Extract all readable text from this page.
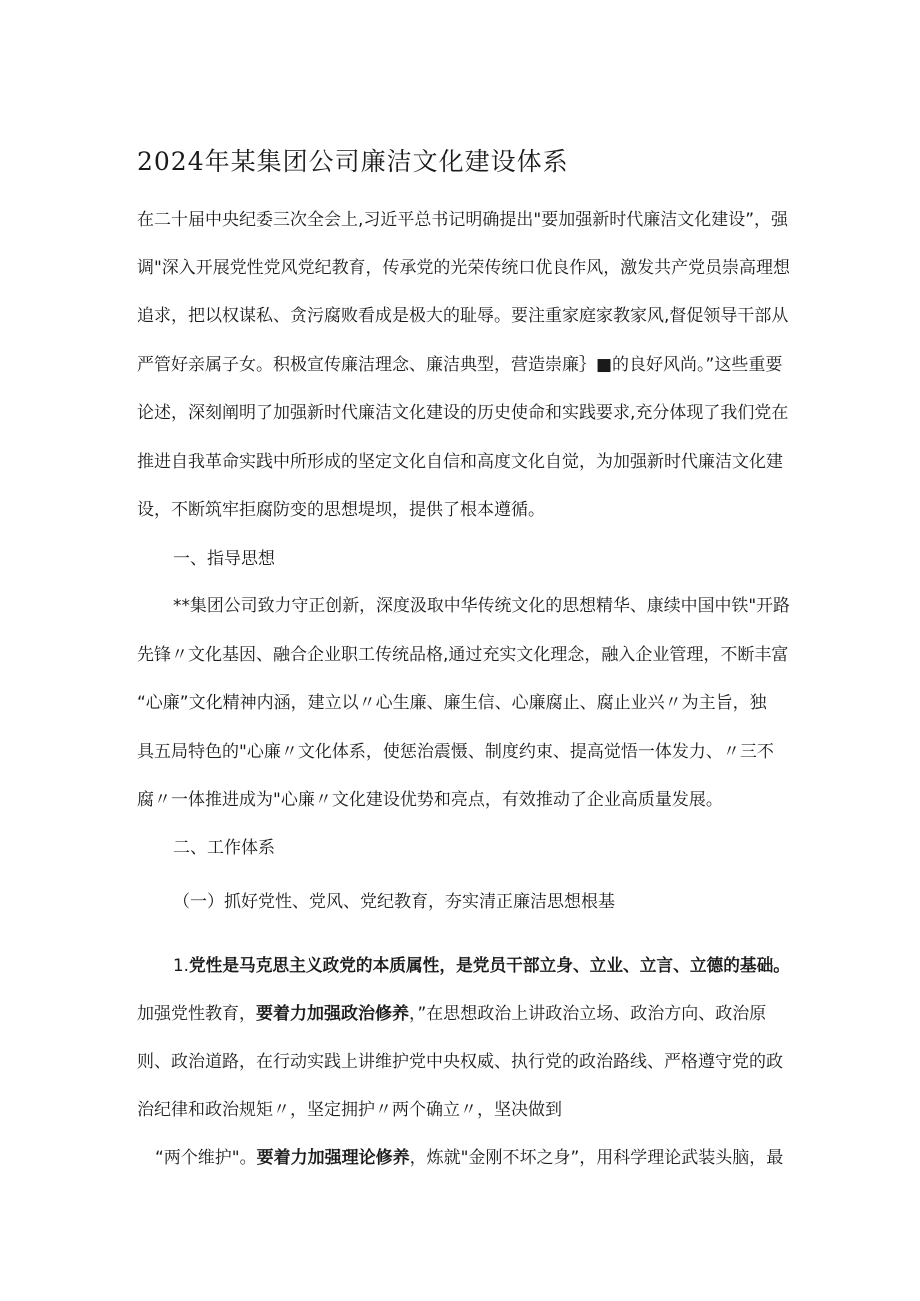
2024年某集团公司廉洁文化建设体系
在二十届中央纪委三次全会上,习近平总书记明确提出"要加强新时代廉洁文化建设”，强
调"深入开展党性党风党纪教育，传承党的光荣传统口优良作风，激发共产党员崇高理想
追求，把以权谋私、贪污腐败看成是极大的耻辱。要注重家庭家教家风,督促领导干部从
严管好亲属子女。积极宣传廉洁理念、廉洁典型，营造崇廉｝■的良好风尚。”这些重要
论述，深刻阐明了加强新时代廉洁文化建设的历史使命和实践要求,充分体现了我们党在
推进自我革命实践中所形成的坚定文化自信和高度文化自觉，为加强新时代廉洁文化建
设，不断筑牢拒腐防变的思想堤坝，提供了根本遵循。
一、指导思想
**集团公司致力守正创新，深度汲取中华传统文化的思想精华、康续中国中铁"开路
先锋〃文化基因、融合企业职工传统品格,通过充实文化理念，融入企业管理，不断丰富
“心廉”文化精神内涵，建立以〃心生廉、廉生信、心廉腐止、腐止业兴〃为主旨，独
具五局特色的"心廉〃文化体系，使惩治震慑、制度约束、提高觉悟一体发力、〃三不
腐〃一体推进成为"心廉〃文化建设优势和亮点，有效推动了企业高质量发展。
二、工作体系
（一）抓好党性、党风、党纪教育，夯实清正廉洁思想根基
1.党性是马克思主义政党的本质属性，是党员干部立身、立业、立言、立德的基础。
加强党性教育，要着力加强政治修养，”在思想政治上讲政治立场、政治方向、政治原
则、政治道路，在行动实践上讲维护党中央权威、执行党的政治路线、严格遵守党的政
治纪律和政治规矩〃，坚定拥护〃两个确立〃，坚决做到
“两个维护"。要着力加强理论修养，炼就"金刚不坏之身”，用科学理论武装头脑，最
